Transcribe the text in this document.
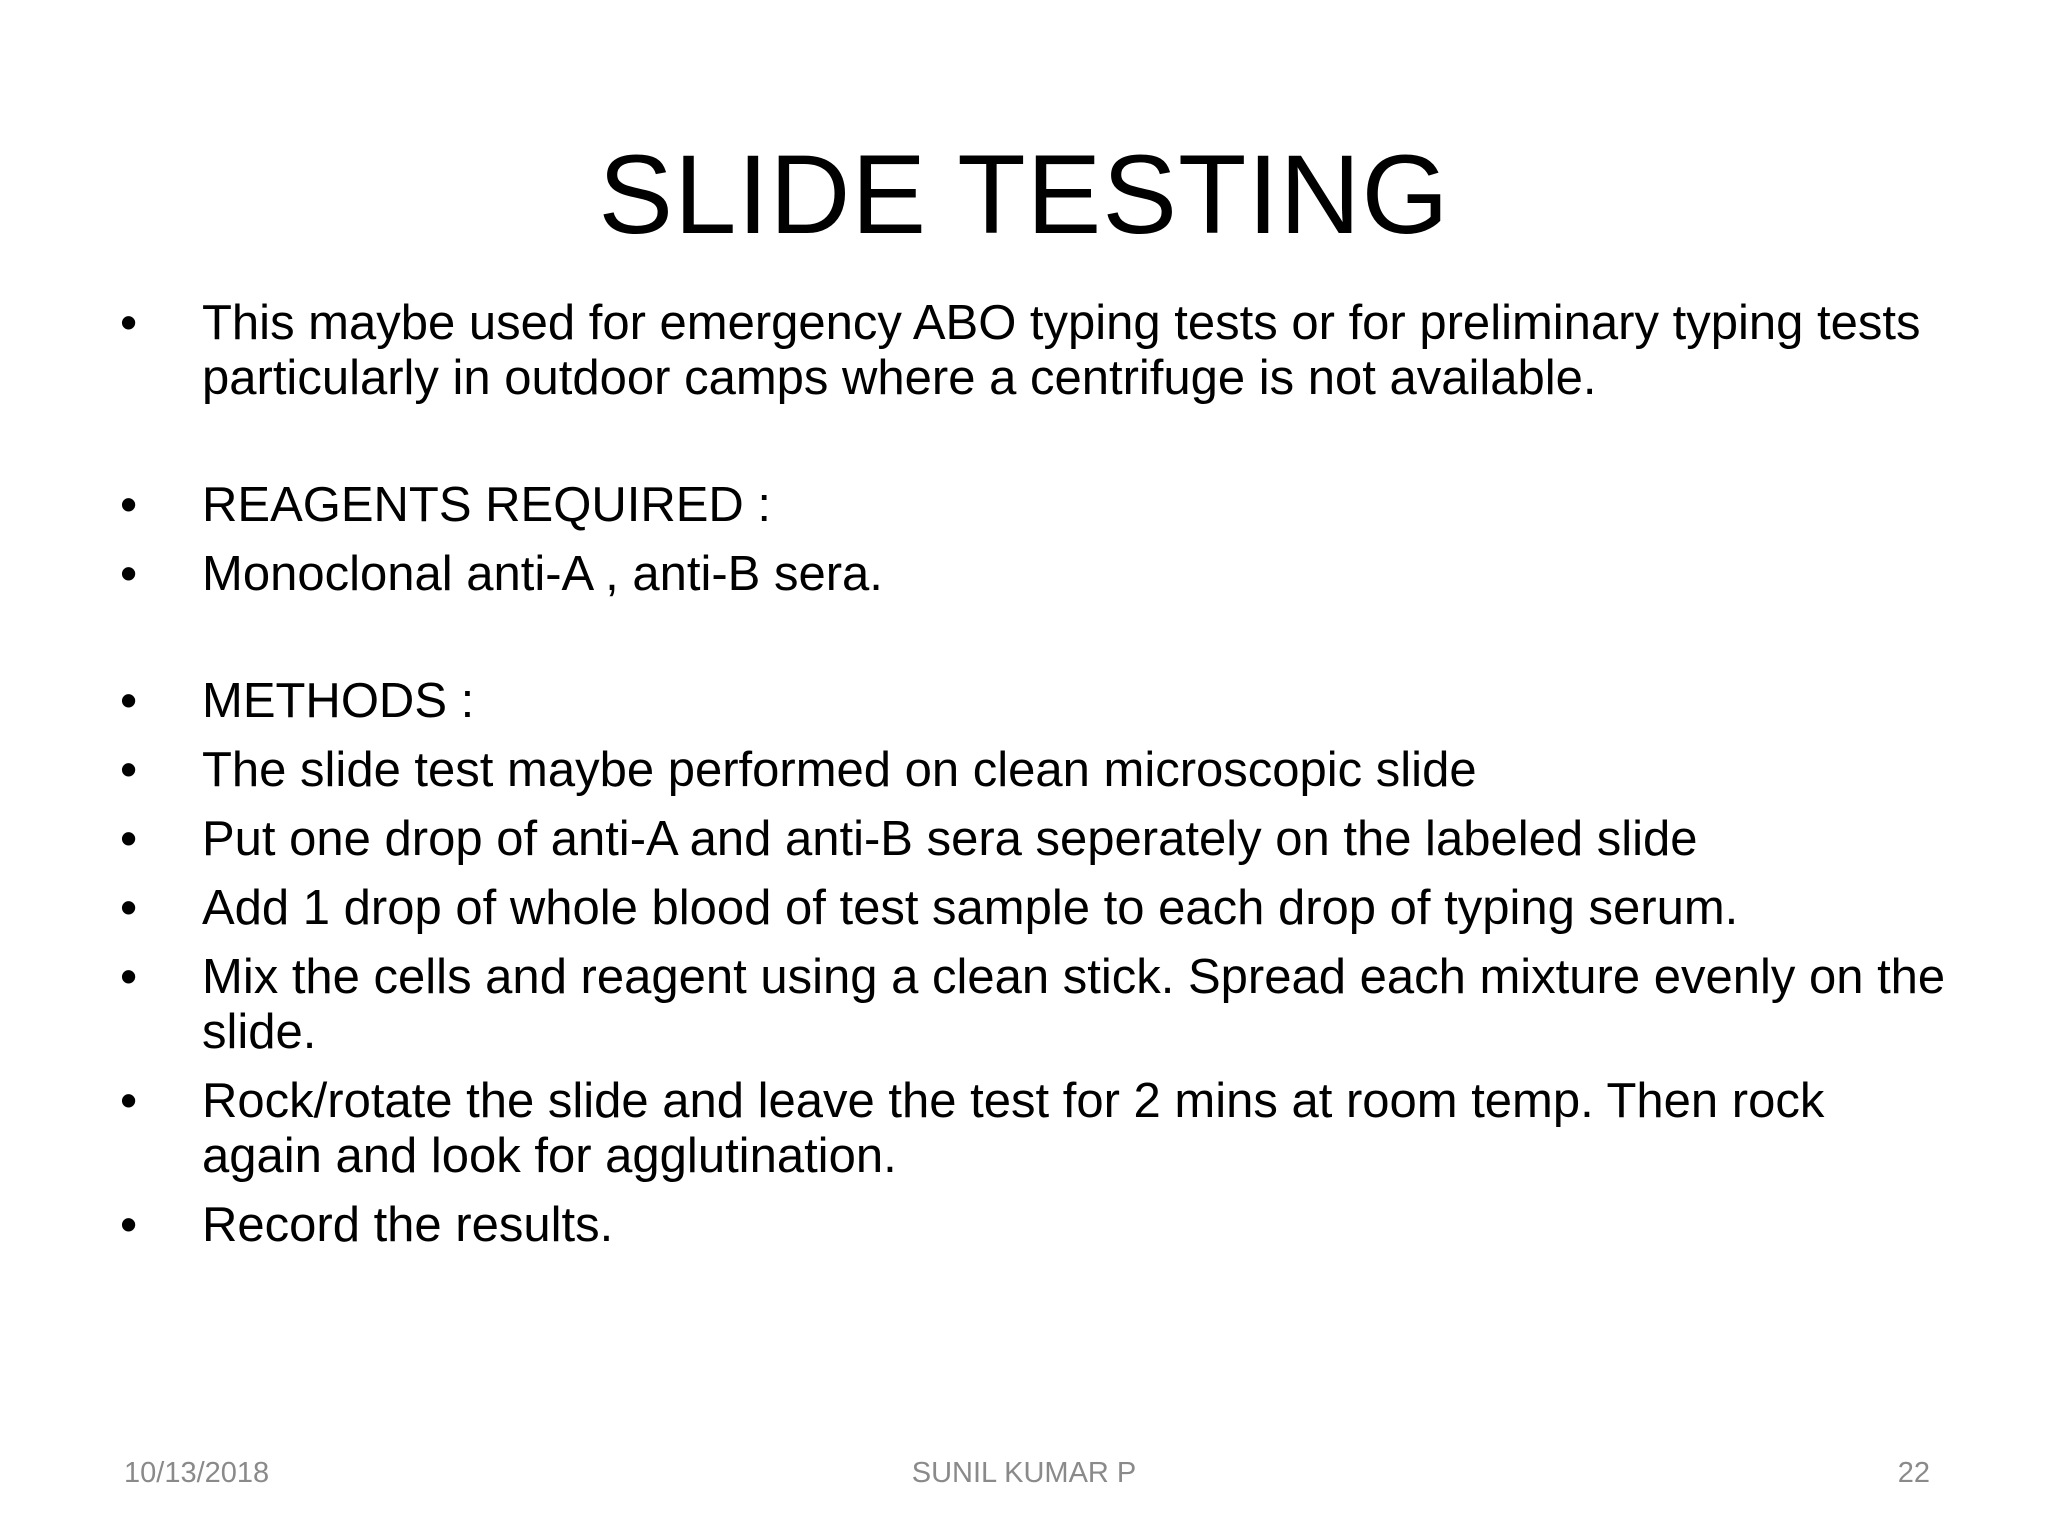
SLIDE TESTING
•	This maybe used for emergency ABO typing tests or for preliminary typing tests particularly in outdoor camps where a centrifuge is not available.
•	REAGENTS REQUIRED :
•	Monoclonal anti-A , anti-B sera.
•	METHODS :
•	The slide test maybe performed on clean microscopic slide
•	Put one drop of anti-A and anti-B sera seperately on the labeled slide
•	Add 1 drop of whole blood of test sample to each drop of typing serum.
•	Mix the cells and reagent using a clean stick. Spread each mixture evenly on the slide.
•	Rock/rotate the slide and leave the test for 2 mins at room temp. Then rock again and look for agglutination.
•	Record the results.
10/13/2018	SUNIL KUMAR P	22
